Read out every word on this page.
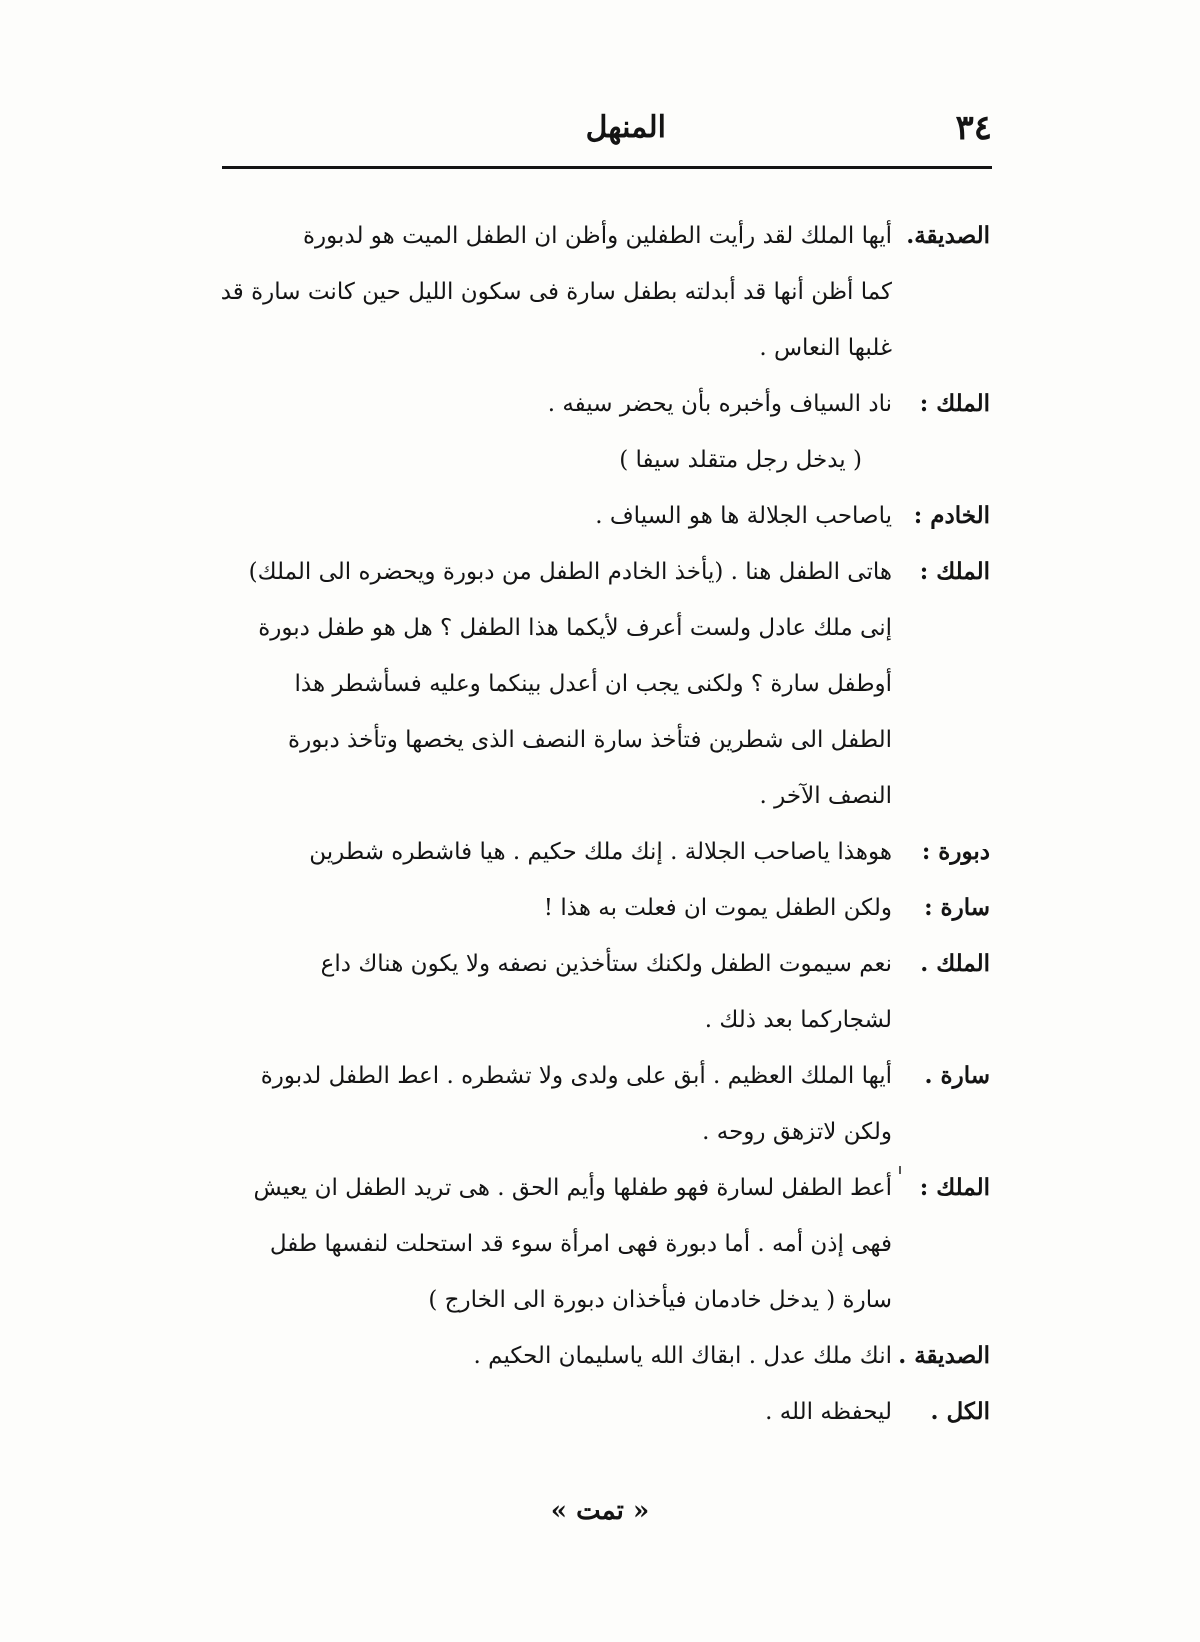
٣٤
المنهل
الصديقة.
أيها الملك لقد رأيت الطفلين وأظن ان الطفل الميت هو لدبورة
كما أظن أنها قد أبدلته بطفل سارة فى سكون الليل حين كانت سارة قد
غلبها النعاس .
الملك :
ناد السياف وأخبره بأن يحضر سيفه .
( يدخل رجل متقلد سيفا )
الخادم :
ياصاحب الجلالة ها هو السياف .
الملك :
هاتى الطفل هنا . (يأخذ الخادم الطفل من دبورة ويحضره الى الملك)
إنى ملك عادل ولست أعرف لأيكما هذا الطفل ؟ هل هو طفل دبورة
أوطفل سارة ؟ ولكنى يجب ان أعدل بينكما وعليه فسأشطر هذا
الطفل الى شطرين فتأخذ سارة النصف الذى يخصها وتأخذ دبورة
النصف الآخر .
دبورة :
هوهذا ياصاحب الجلالة . إنك ملك حكيم . هيا فاشطره شطرين
سارة :
ولكن الطفل يموت ان فعلت به هذا !
الملك .
نعم سيموت الطفل ولكنك ستأخذين نصفه ولا يكون هناك داع
لشجاركما بعد ذلك .
سارة .
أيها الملك العظيم . أبق على ولدى ولا تشطره . اعط الطفل لدبورة
ولكن لاتزهق روحه .
الملك :
أعط الطفل لسارة فهو طفلها وأيم الحق . هى تريد الطفل ان يعيش
فهى إذن أمه . أما دبورة فهى امرأة سوء قد استحلت لنفسها طفل
سارة ( يدخل خادمان فيأخذان دبورة الى الخارج )
الصديقة .
انك ملك عدل . ابقاك الله ياسليمان الحكيم .
الكل .
ليحفظه الله .
« تمت »
